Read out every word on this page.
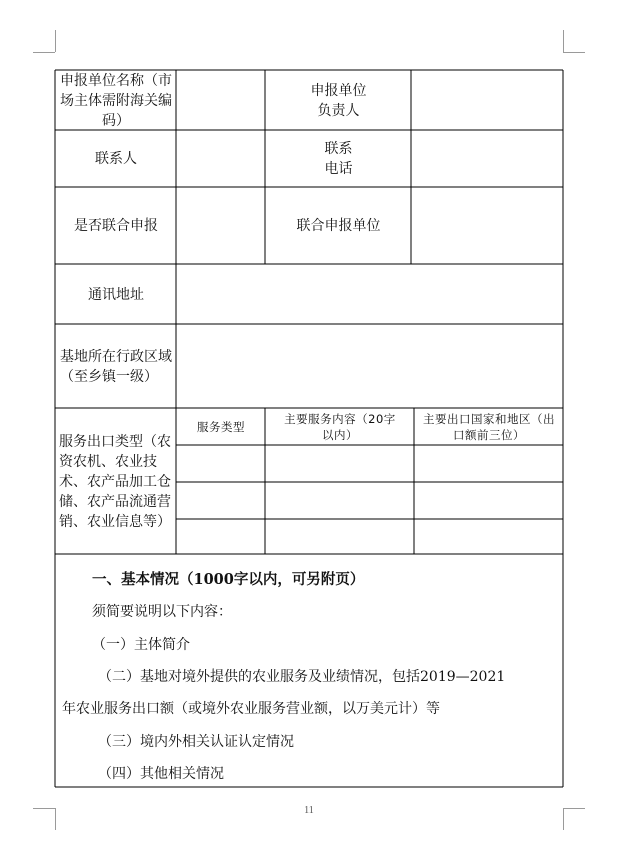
申报单位名称（市场主体需附海关编码）
申报单位负责人
联系人
联系电话
是否联合申报	联合申报单位
通讯地址
基地所在行政区域（至乡镇一级）
服务出口类型（农资农机、农业技术、农产品加工仓储、农产品流通营销、农业信息等）
服务类型
主要服务内容（20字以内）
主要出口国家和地区（出口额前三位）
一、基本情况（1000字以内，可另附页）
须简要说明以下内容：
（一）主体简介
（二）基地对境外提供的农业服务及业绩情况，包括2019—2021
年农业服务出口额（或境外农业服务营业额，以万美元计）等
（三）境内外相关认证认定情况
（四）其他相关情况
11
